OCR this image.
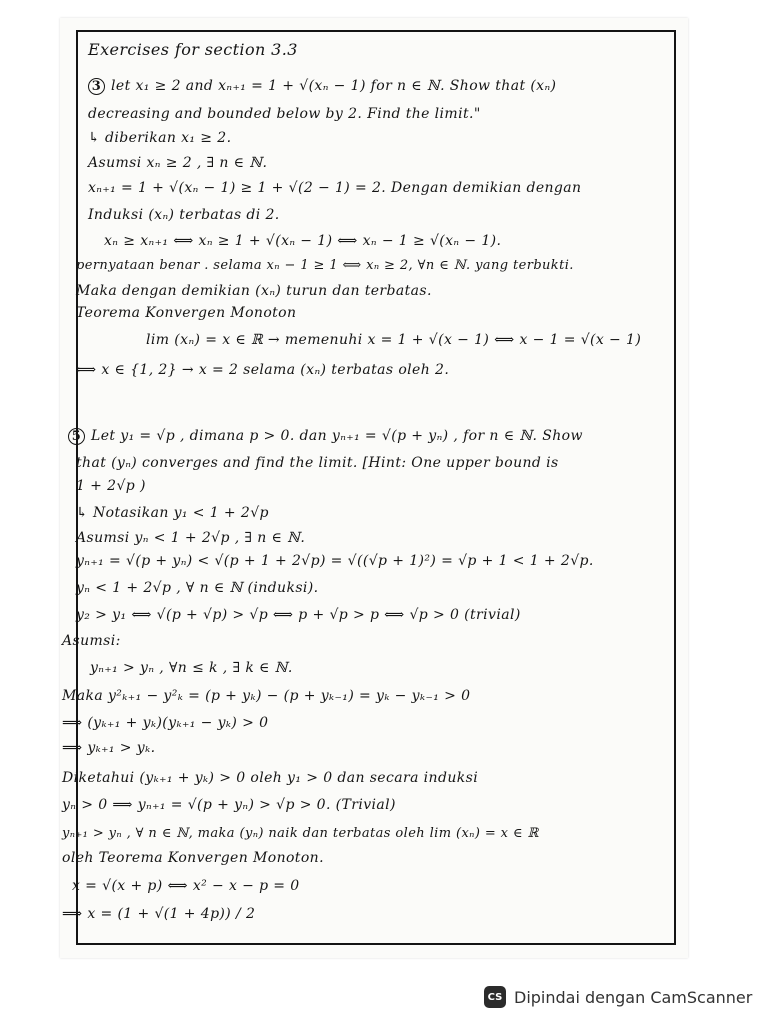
Exercises for section 3.3
3 let x₁ ≥ 2 and xₙ₊₁ = 1 + √(xₙ − 1) for n ∈ ℕ. Show that (xₙ)
decreasing and bounded below by 2. Find the limit."
↳ diberikan x₁ ≥ 2.
Asumsi xₙ ≥ 2 , ∃ n ∈ ℕ.
xₙ₊₁ = 1 + √(xₙ − 1) ≥ 1 + √(2 − 1) = 2. Dengan demikian dengan
Induksi (xₙ) terbatas di 2.
xₙ ≥ xₙ₊₁ ⟺ xₙ ≥ 1 + √(xₙ − 1) ⟺ xₙ − 1 ≥ √(xₙ − 1).
pernyataan benar . selama xₙ − 1 ≥ 1 ⟺ xₙ ≥ 2, ∀n ∈ ℕ. yang terbukti.
Maka dengan demikian (xₙ) turun dan terbatas.
Teorema Konvergen Monoton
lim (xₙ) = x ∈ ℝ → memenuhi x = 1 + √(x − 1) ⟺ x − 1 = √(x − 1)
⟺ x ∈ {1, 2} → x = 2 selama (xₙ) terbatas oleh 2.
5 Let y₁ = √p , dimana p > 0. dan yₙ₊₁ = √(p + yₙ) , for n ∈ ℕ. Show
that (yₙ) converges and find the limit. [Hint: One upper bound is
1 + 2√p )
↳ Notasikan y₁ < 1 + 2√p
Asumsi yₙ < 1 + 2√p , ∃ n ∈ ℕ.
yₙ₊₁ = √(p + yₙ) < √(p + 1 + 2√p) = √((√p + 1)²) = √p + 1 < 1 + 2√p.
yₙ < 1 + 2√p , ∀ n ∈ ℕ (induksi).
y₂ > y₁ ⟺ √(p + √p) > √p ⟺ p + √p > p ⟺ √p > 0 (trivial)
Asumsi:
yₙ₊₁ > yₙ , ∀n ≤ k , ∃ k ∈ ℕ.
Maka y²ₖ₊₁ − y²ₖ = (p + yₖ) − (p + yₖ₋₁) = yₖ − yₖ₋₁ > 0
⟹ (yₖ₊₁ + yₖ)(yₖ₊₁ − yₖ) > 0
⟹ yₖ₊₁ > yₖ.
Diketahui (yₖ₊₁ + yₖ) > 0 oleh y₁ > 0 dan secara induksi
yₙ > 0 ⟹ yₙ₊₁ = √(p + yₙ) > √p > 0. (Trivial)
yₙ₊₁ > yₙ , ∀ n ∈ ℕ, maka (yₙ) naik dan terbatas oleh lim (xₙ) = x ∈ ℝ
oleh Teorema Konvergen Monoton.
x = √(x + p) ⟺ x² − x − p = 0
⟹ x = (1 + √(1 + 4p)) / 2
CS Dipindai dengan CamScanner
